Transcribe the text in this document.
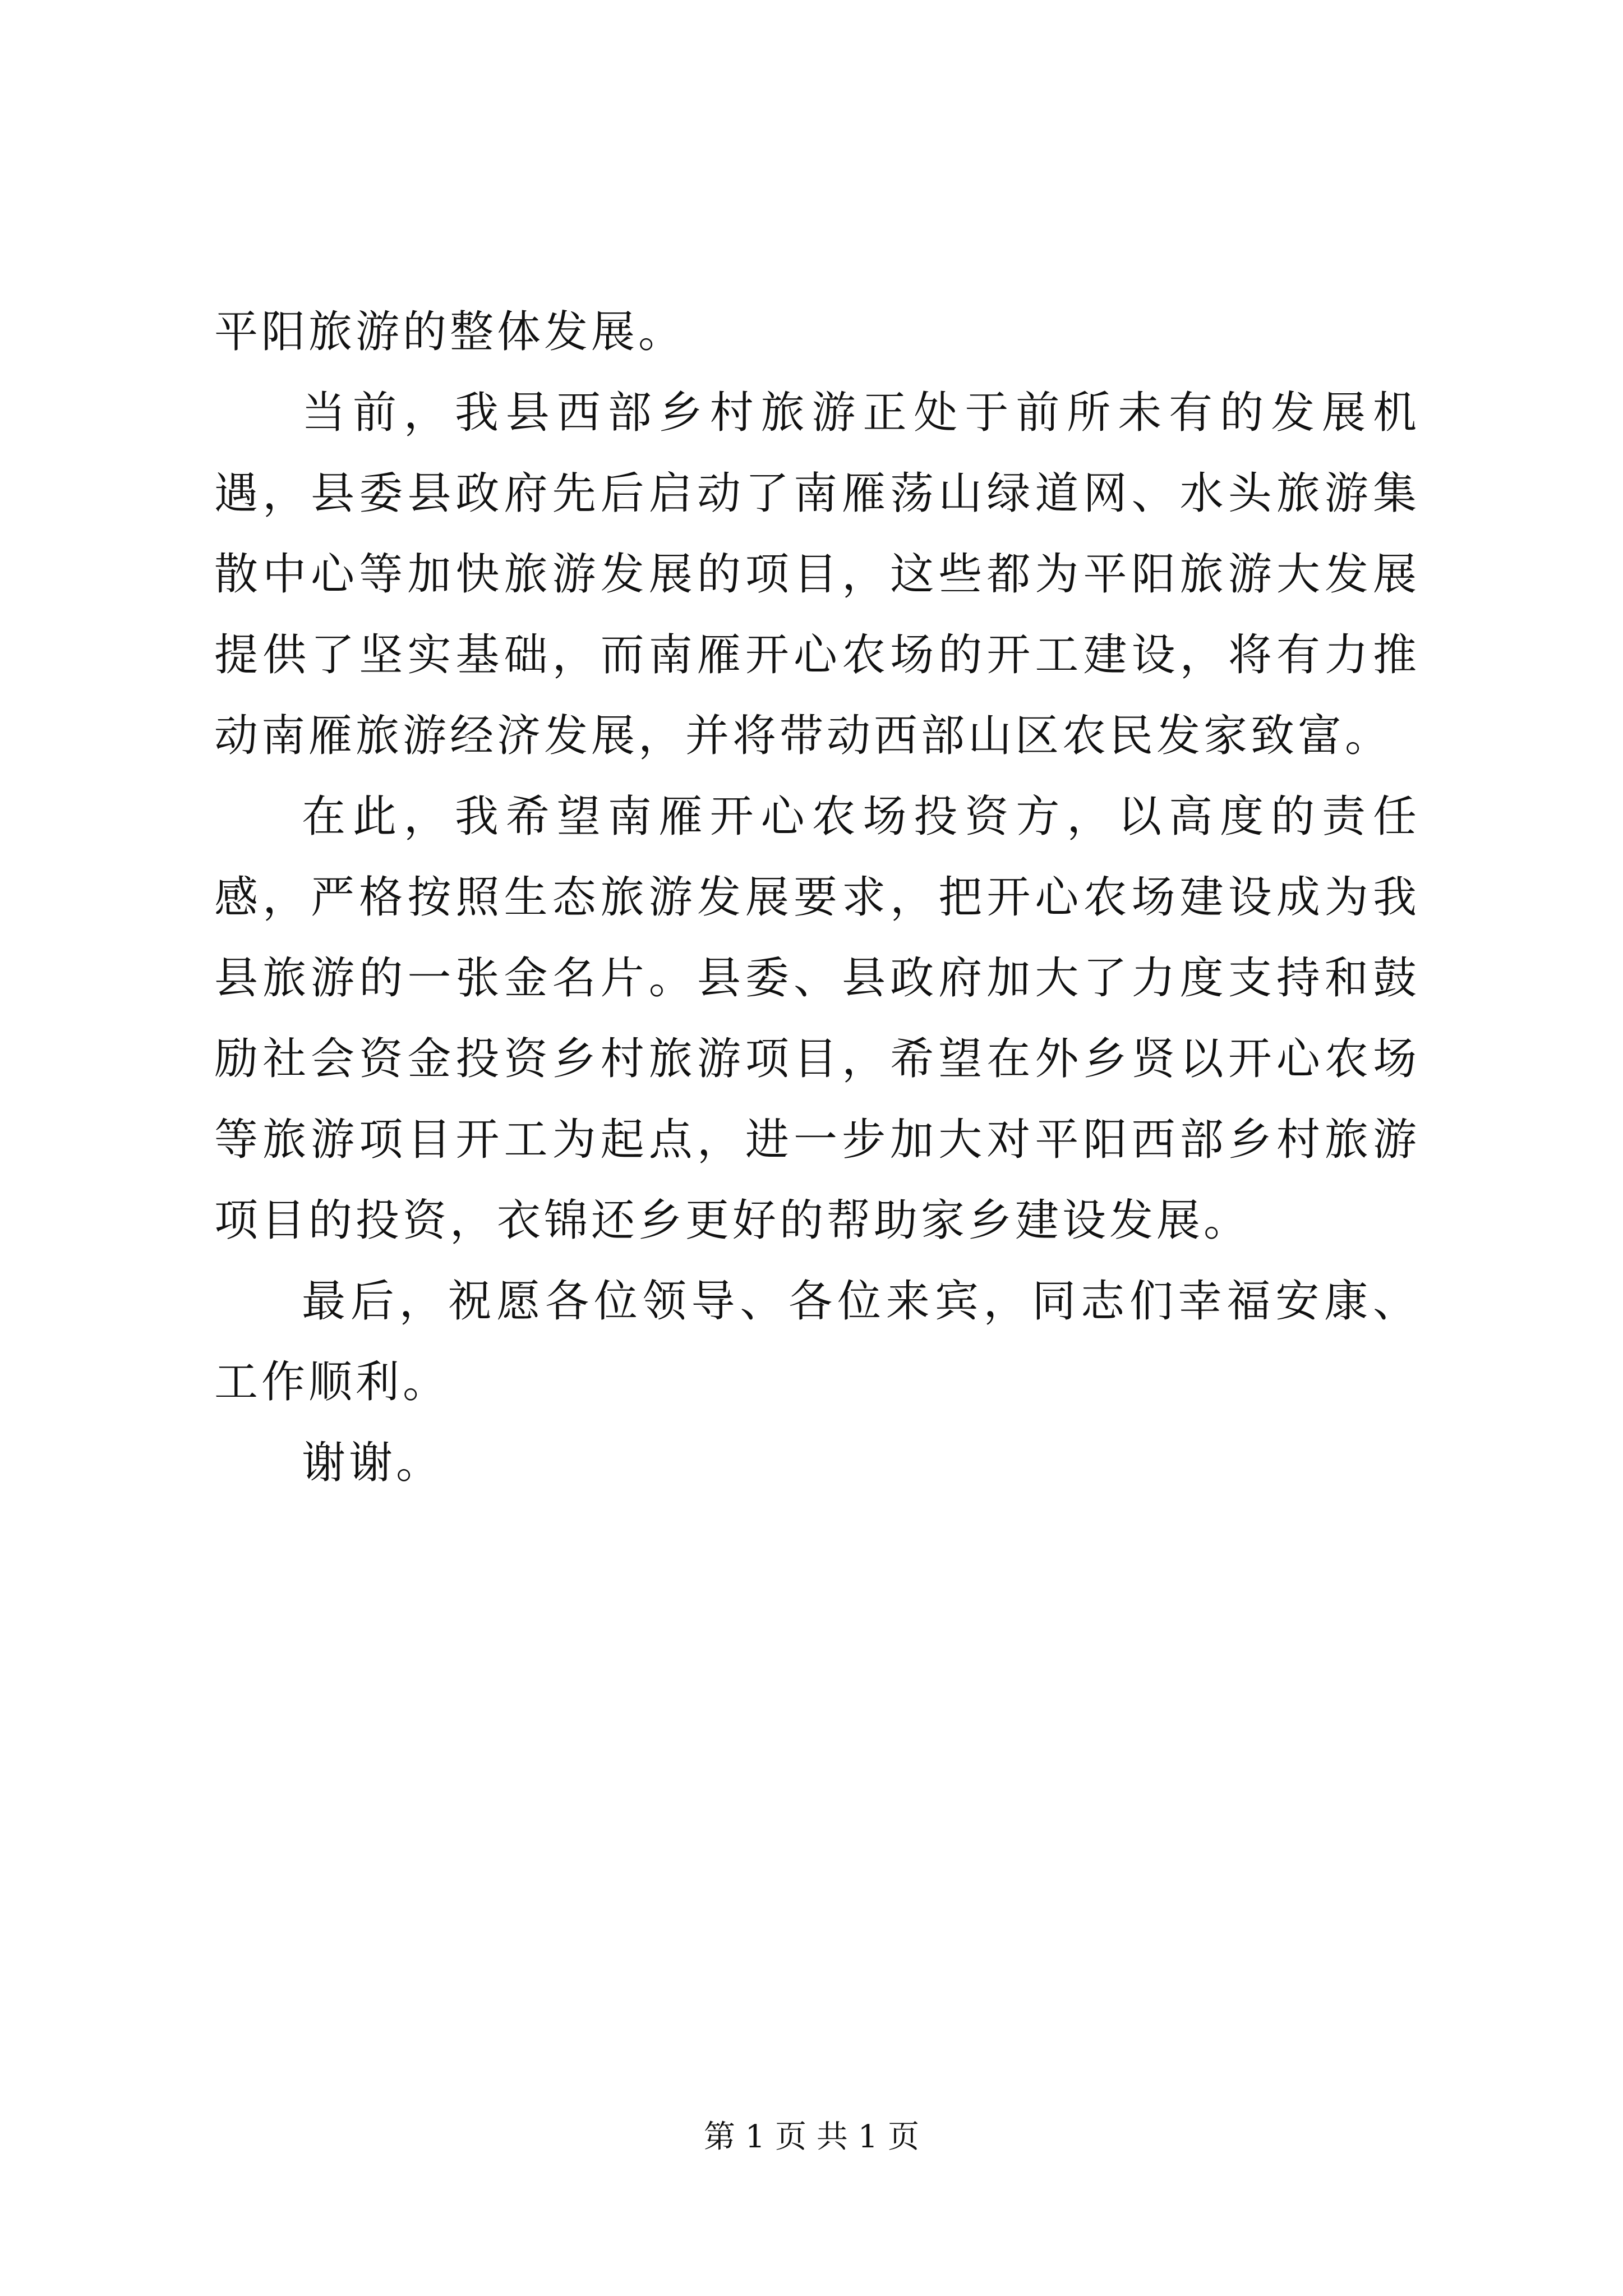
平阳旅游的整体发展。

当前，我县西部乡村旅游正处于前所未有的发展机遇，县委县政府先后启动了南雁荡山绿道网、水头旅游集散中心等加快旅游发展的项目，这些都为平阳旅游大发展提供了坚实基础，而南雁开心农场的开工建设，将有力推动南雁旅游经济发展，并将带动西部山区农民发家致富。

在此，我希望南雁开心农场投资方，以高度的责任感，严格按照生态旅游发展要求，把开心农场建设成为我县旅游的一张金名片。县委、县政府加大了力度支持和鼓励社会资金投资乡村旅游项目，希望在外乡贤以开心农场等旅游项目开工为起点，进一步加大对平阳西部乡村旅游项目的投资，衣锦还乡更好的帮助家乡建设发展。

最后，祝愿各位领导、各位来宾，同志们幸福安康、工作顺利。

谢谢。

第 1 页 共 1 页
